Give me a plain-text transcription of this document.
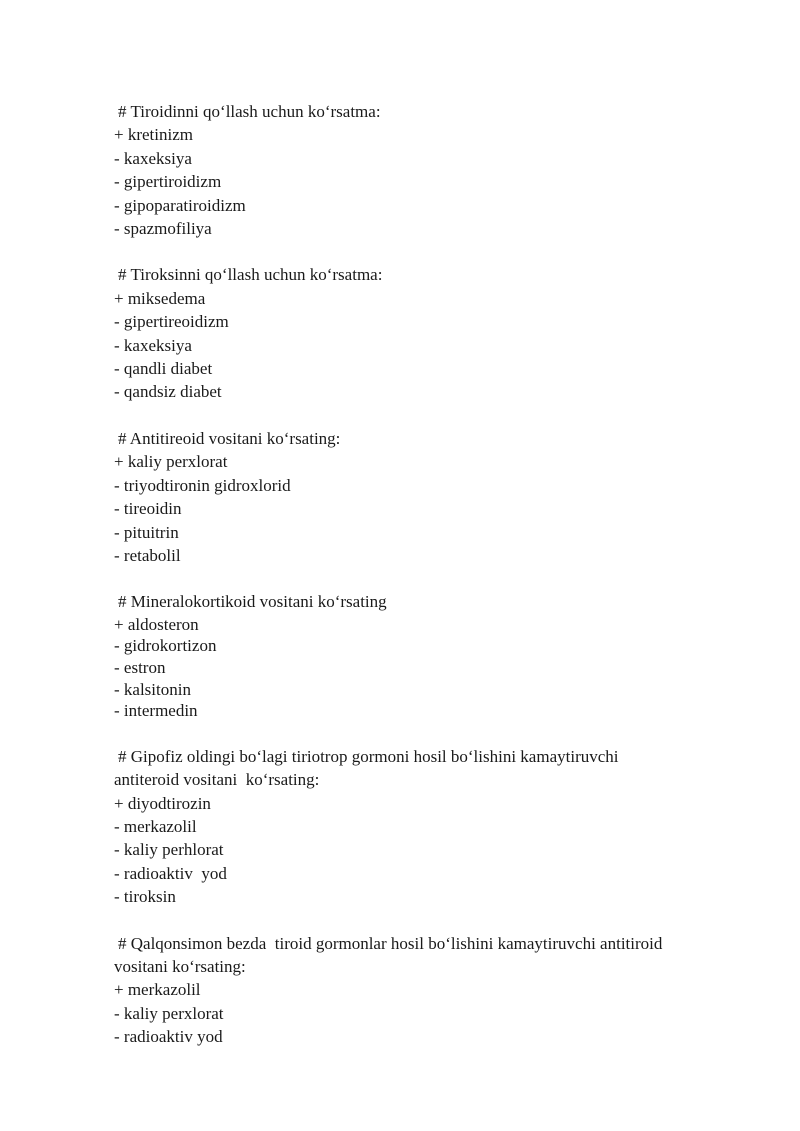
# Tiroidinni qo‘llash uchun ko‘rsatma:
+ kretinizm
- kaxeksiya
- gipertiroidizm
- gipoparatiroidizm
- spazmofiliya
# Tiroksinni qo‘llash uchun ko‘rsatma:
+ miksedema
- gipertireoidizm
- kaxeksiya
- qandli diabet
- qandsiz diabet
# Antitireoid vositani ko‘rsating:
+ kaliy perxlorat
- triyodtironin gidroxlorid
- tireoidin
- pituitrin
- retabolil
# Mineralokortikoid vositani ko‘rsating
+ aldosteron
- gidrokortizon
- estron
- kalsitonin
- intermedin
# Gipofiz oldingi bo‘lagi tiriotrop gormoni hosil bo‘lishini kamaytiruvchi
antiteroid vositani  ko‘rsating:
+ diyodtirozin
- merkazolil
- kaliy perhlorat
- radioaktiv  yod
- tiroksin
# Qalqonsimon bezda  tiroid gormonlar hosil bo‘lishini kamaytiruvchi antitiroid
vositani ko‘rsating:
+ merkazolil
- kaliy perxlorat
- radioaktiv yod
